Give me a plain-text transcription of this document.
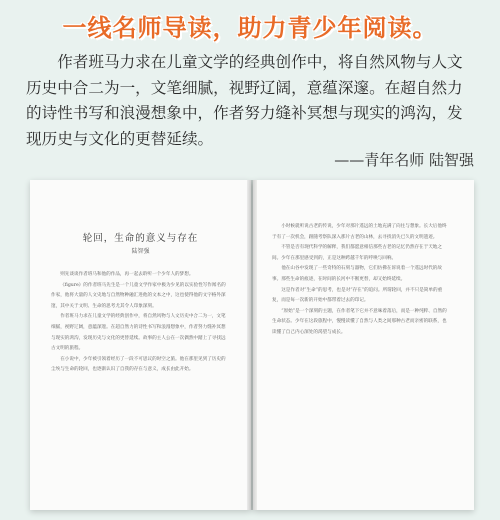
一线名师导读，助力青少年阅读。

作者班马力求在儿童文学的经典创作中，将自然风物与人文历史中合二为一，文笔细腻，视野辽阔，意蕴深邃。在超自然力的诗性书写和浪漫想象中，作者努力缝补冥想与现实的鸿沟，发现历史与文化的更替延续。

——青年名师 陆智强
轮回，生命的意义与存在
陆智强

则先谈谈作者班马和他的作品，再一起去聆听一个少年人的梦想。

《figure》的作者班马先生是一个儿童文学作家中极为少见的以实验性写作闻名的作家，他将大量的人文史地与自然物种融汇进他的文本之中，这也使得他的文字格外深邃，其中关于文明、生命的思考尤其令人印象深刻。

作者班马力求在儿童文学的经典创作中，将自然风物与人文历史中合二为一，文笔细腻，视野辽阔，意蕴深邃。在超自然力的诗性书写和浪漫想象中，作者努力缝补冥想与现实的鸿沟，发现历史与文化的更替延续。故事的主人公在一次偶然中踏上了寻找远古文明的旅程。

在小说中，少年被引领着经历了一段不可思议的时空之旅。他在那里见到了历史的尘埃与生命的轮回，也逐渐认识了自我的存在与意义，成长由此开始。

小时候就听说古老的传说，少年对那片遥远的土地充满了向往与想象。长大后他终于有了一次机会，跟随考察队深入那片古老的山林，去寻找消失已久的文明遗迹。

不管是否有现代科学的解释，我们都愿意相信那些古老的记忆仍然存在于天地之间。少年在那里感受到的，正是这种跨越千年的呼唤与回响。

他在山谷中发现了一些奇特的石刻与器物，它们仿佛在诉说着一个遥远时代的故事。那些生命的痕迹，在时间的长河中不断更替，却又始终延续。

这是作者对“生命”的思考，也是对“存在”的追问。所谓轮回，并不只是简单的重复，而是每一次新的开始中都带着过去的印记。

“原始”是一个深刻的主题，在作者笔下它并不意味着落后，而是一种纯粹、自然的生命状态。少年在这段旅程中，慢慢读懂了自然与人类之间那种古老而亲密的联系，也读懂了自己内心深处的渴望与成长。
